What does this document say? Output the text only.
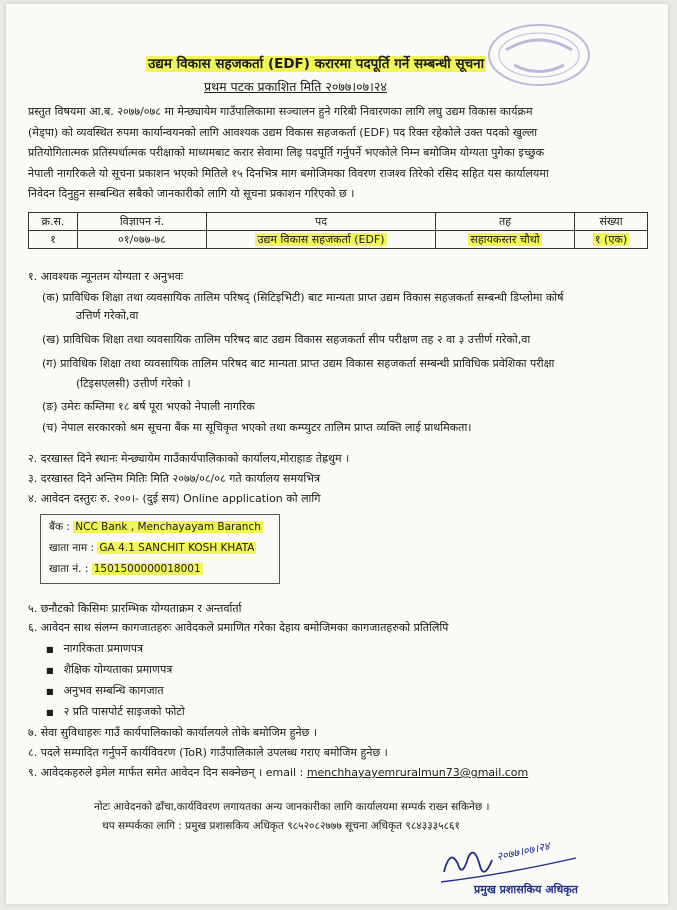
उद्यम विकास सहजकर्ता (EDF) करारमा पदपूर्ति गर्ने सम्बन्धी सूचना
प्रथम पटक प्रकाशित मिति २०७७।०७।२४
प्रस्तुत विषयमा आ.ब. २०७७/०७८ मा मेन्छ्यायेम गाउँपालिकामा सञ्चालन हुने गरिबी निवारणका लागि लघु उद्यम विकास कार्यक्रम
(मेड्पा) को व्यवस्थित रुपमा कार्यान्वयनको लागि आवश्यक उद्यम विकास सहजकर्ता (EDF) पद रिक्त रहेकोले उक्त पदको खुल्ला
प्रतियोगितात्मक प्रतिस्पर्धात्मक परीक्षाको माध्यमबाट करार सेवामा लिइ पदपूर्ति गर्नुपर्ने भएकोले निम्न बमोजिम योग्यता पुगेका इच्छुक
नेपाली नागरिकले यो सूचना प्रकाशन भएको मितिले १५ दिनभित्र माग बमोजिमका विवरण राजश्व तिरेको रसिद सहित यस कार्यालयमा
निवेदन दिनुहुन सम्बन्धित सबैको जानकारीको लागि यो सूचना प्रकाशन गरिएको छ ।
क्र.स.	विज्ञापन नं.	पद	तह	संख्या
१	०१/०७७-७८	उद्यम विकास सहजकर्ता (EDF)	सहायकस्तर चौथो	१ (एक)
१. आवश्यक न्यूनतम योग्यता र अनुभवः
(क) प्राविधिक शिक्षा तथा व्यवसायिक तालिम परिषद् (सिटिइभिटी) बाट मान्यता प्राप्त उद्यम विकास सहजकर्ता सम्बन्धी डिप्लोमा कोर्ष
उत्तिर्ण गरेको,वा
(ख) प्राविधिक शिक्षा तथा व्यवसायिक तालिम परिषद बाट उद्यम विकास सहजकर्ता सीप परीक्षण तह २ वा ३ उत्तीर्ण गरेको,वा
(ग) प्राविधिक शिक्षा तथा व्यवसायिक तालिम परिषद बाट मान्यता प्राप्त उद्यम विकास सहजकर्ता सम्बन्धी प्राविधिक प्रवेशिका परीक्षा
(टिइसएलसी) उत्तीर्ण गरेको ।
(ङ) उमेरः कम्तिमा १८ बर्ष पूरा भएको नेपाली नागरिक
(च) नेपाल सरकारको श्रम सूचना बैंक मा सूचिकृत भएको तथा कम्प्युटर तालिम प्राप्त व्यक्ति लाई प्राथमिकता।
२. दरखास्त दिने स्थानः मेन्छ्यायेम गाउँकार्यपालिकाको कार्यालय,मोराहाङ तेह्रथुम ।
३. दरखास्त दिने अन्तिम मितिः मिति २०७७/०८/०८ गते कार्यालय समयभित्र
४. आवेदन दस्तुरः रु. २००।- (दुई सय) Online application को लागि
बैंक : NCC Bank , Menchayayam Baranch
खाता नाम : GA 4.1 SANCHIT KOSH KHATA
खाता नं. : 1501500000018001
५. छनौटको किसिमः प्रारम्भिक योग्यताक्रम र अन्तर्वार्ता
६. आवेदन साथ संलग्न कागजातहरुः आवेदकले प्रमाणित गरेका देहाय बमोजिमका कागजातहरुको प्रतिलिपि
■ नागरिकता प्रमाणपत्र
■ शैक्षिक योग्यताका प्रमाणपत्र
■ अनुभव सम्बन्धि कागजात
■ २ प्रति पासपोर्ट साइजको फोटो
७. सेवा सुविधाहरुः गाउँ कार्यपालिकाको कार्यालयले तोके बमोजिम हुनेछ ।
८. पदले सम्पादित गर्नुपर्ने कार्यविवरण (ToR) गाउँपालिकाले उपलब्ध गराए बमोजिम हुनेछ ।
९. आवेदकहरुले इमेल मार्फत समेत आवेदन दिन सक्नेछन् । email : menchhayayemruralmun73@gmail.com
नोटः आवेदनको ढाँचा,कार्यविवरण लगायतका अन्य जानकारीका लागि कार्यालयमा सम्पर्क राख्न सकिनेछ ।
थप सम्पर्कका लागि : प्रमुख प्रशासकिय अधिकृत ९८५२०८२७७७ सूचना अधिकृत ९८४३३३५८६१
२०७७।०७।२४
प्रमुख प्रशासकिय अधिकृत
